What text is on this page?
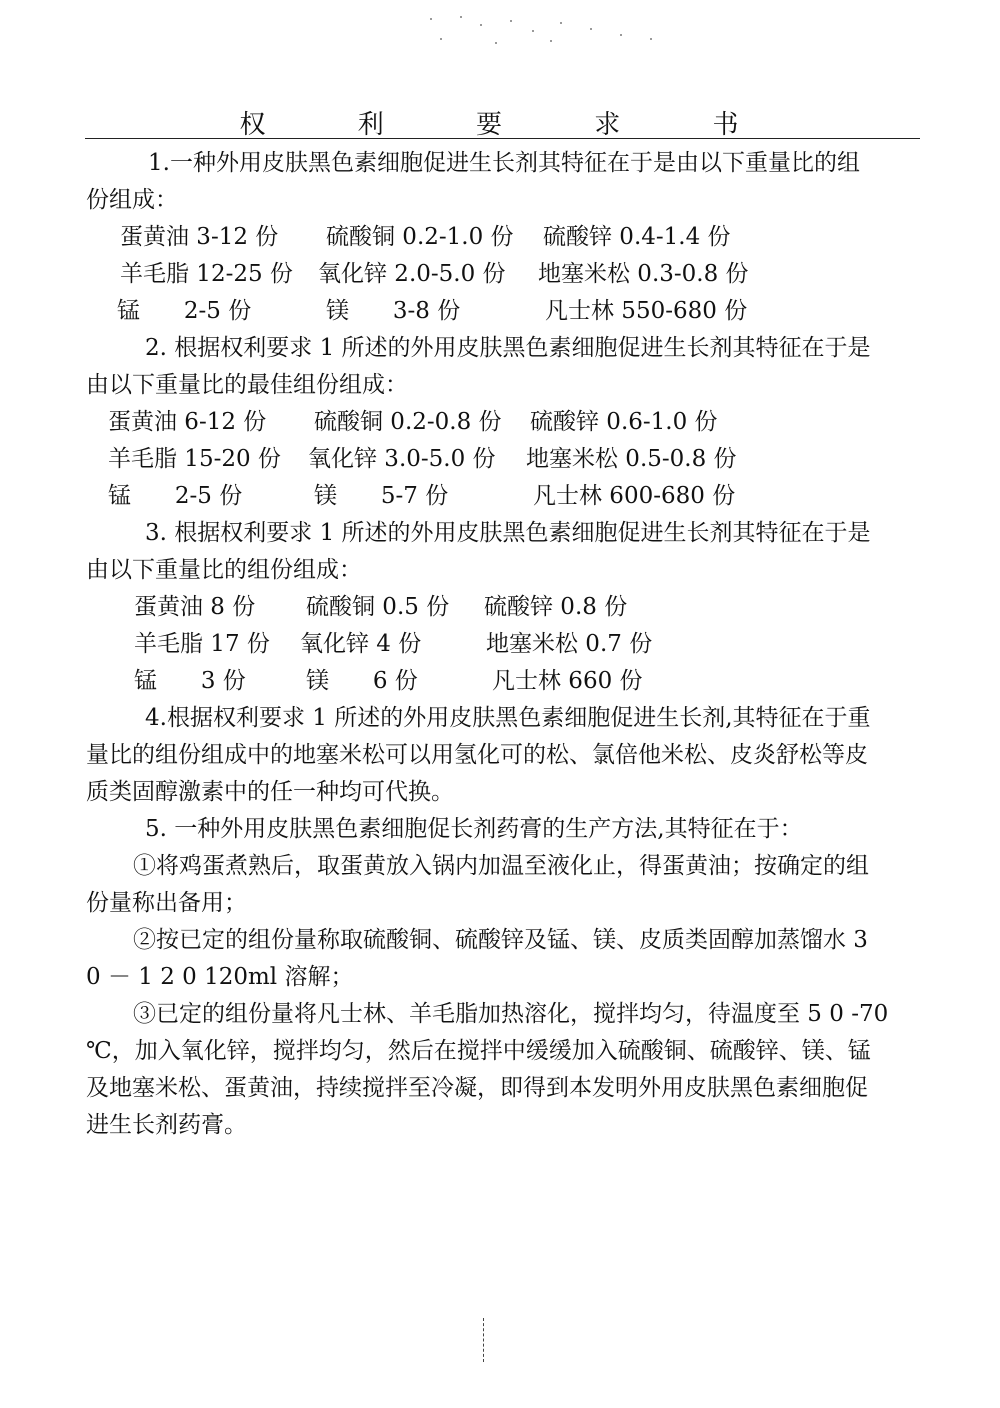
权 利 要 求 书
1.一种外用皮肤黑色素细胞促进生长剂其特征在于是由以下重量比的组
份组成：
蛋黄油 3-12 份 硫酸铜 0.2-1.0 份 硫酸锌 0.4-1.4 份
羊毛脂 12-25 份 氧化锌 2.0-5.0 份 地塞米松 0.3-0.8 份
锰      2-5 份	镁      3-8 份	凡士林 550-680 份
2. 根据权利要求 1 所述的外用皮肤黑色素细胞促进生长剂其特征在于是
由以下重量比的最佳组份组成：
蛋黄油 6-12 份 硫酸铜 0.2-0.8 份 硫酸锌 0.6-1.0 份
羊毛脂 15-20 份 氧化锌 3.0-5.0 份 地塞米松 0.5-0.8 份
锰      2-5 份	镁      5-7 份	凡士林 600-680 份
3. 根据权利要求 1 所述的外用皮肤黑色素细胞促进生长剂其特征在于是
由以下重量比的组份组成：
蛋黄油 8 份 硫酸铜 0.5 份 硫酸锌 0.8 份
羊毛脂 17 份 氧化锌 4 份	地塞米松 0.7 份
锰      3 份	镁      6 份	凡士林 660 份
4.根据权利要求 1 所述的外用皮肤黑色素细胞促进生长剂,其特征在于重
量比的组份组成中的地塞米松可以用氢化可的松、氯倍他米松、皮炎舒松等皮
质类固醇激素中的任一种均可代换。
5. 一种外用皮肤黑色素细胞促长剂药膏的生产方法,其特征在于：
①将鸡蛋煮熟后，取蛋黄放入锅内加温至液化止，得蛋黄油；按确定的组
份量称出备用；
②按已定的组份量称取硫酸铜、硫酸锌及锰、镁、皮质类固醇加蒸馏水 3
0 － 1 2 0 120ml 溶解；
③已定的组份量将凡士林、羊毛脂加热溶化，搅拌均匀，待温度至 5 0 -70
℃，加入氧化锌，搅拌均匀，然后在搅拌中缓缓加入硫酸铜、硫酸锌、镁、锰
及地塞米松、蛋黄油，持续搅拌至冷凝，即得到本发明外用皮肤黑色素细胞促
进生长剂药膏。
